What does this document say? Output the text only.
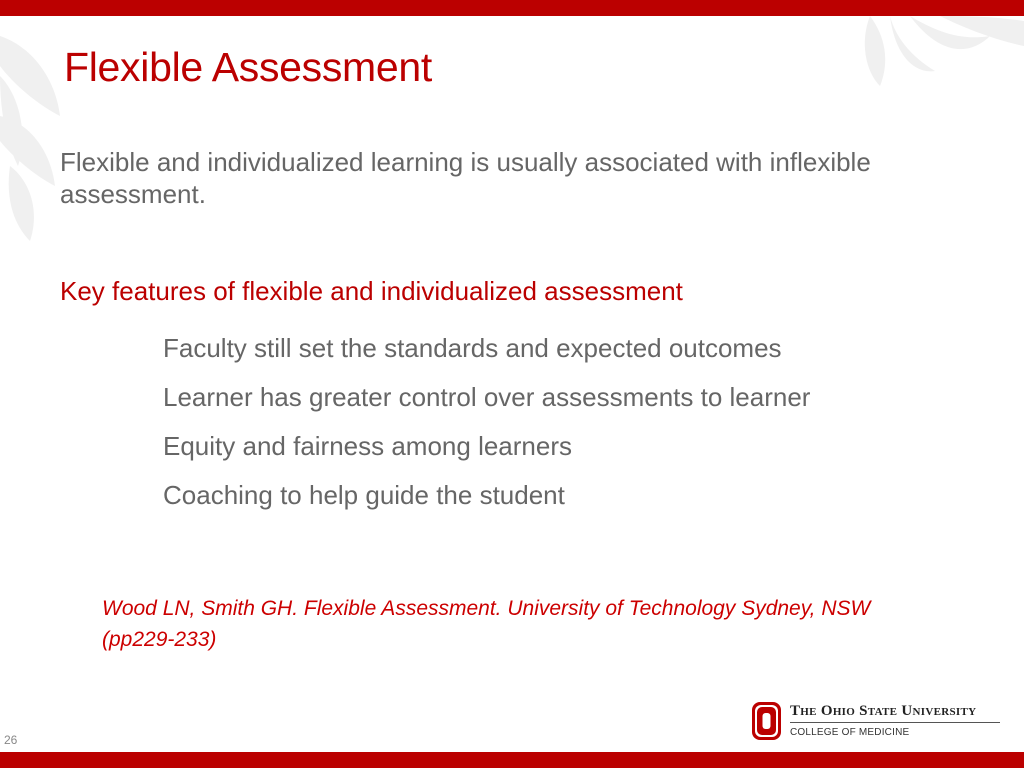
Flexible Assessment
Flexible and individualized learning is usually associated with inflexible assessment.
Key features of flexible and individualized assessment
Faculty still set the standards and expected outcomes
Learner has greater control over assessments to learner
Equity and fairness among learners
Coaching to help guide the student
Wood LN, Smith GH. Flexible Assessment. University of Technology Sydney, NSW (pp229-233)
26
The Ohio State University
COLLEGE OF MEDICINE
